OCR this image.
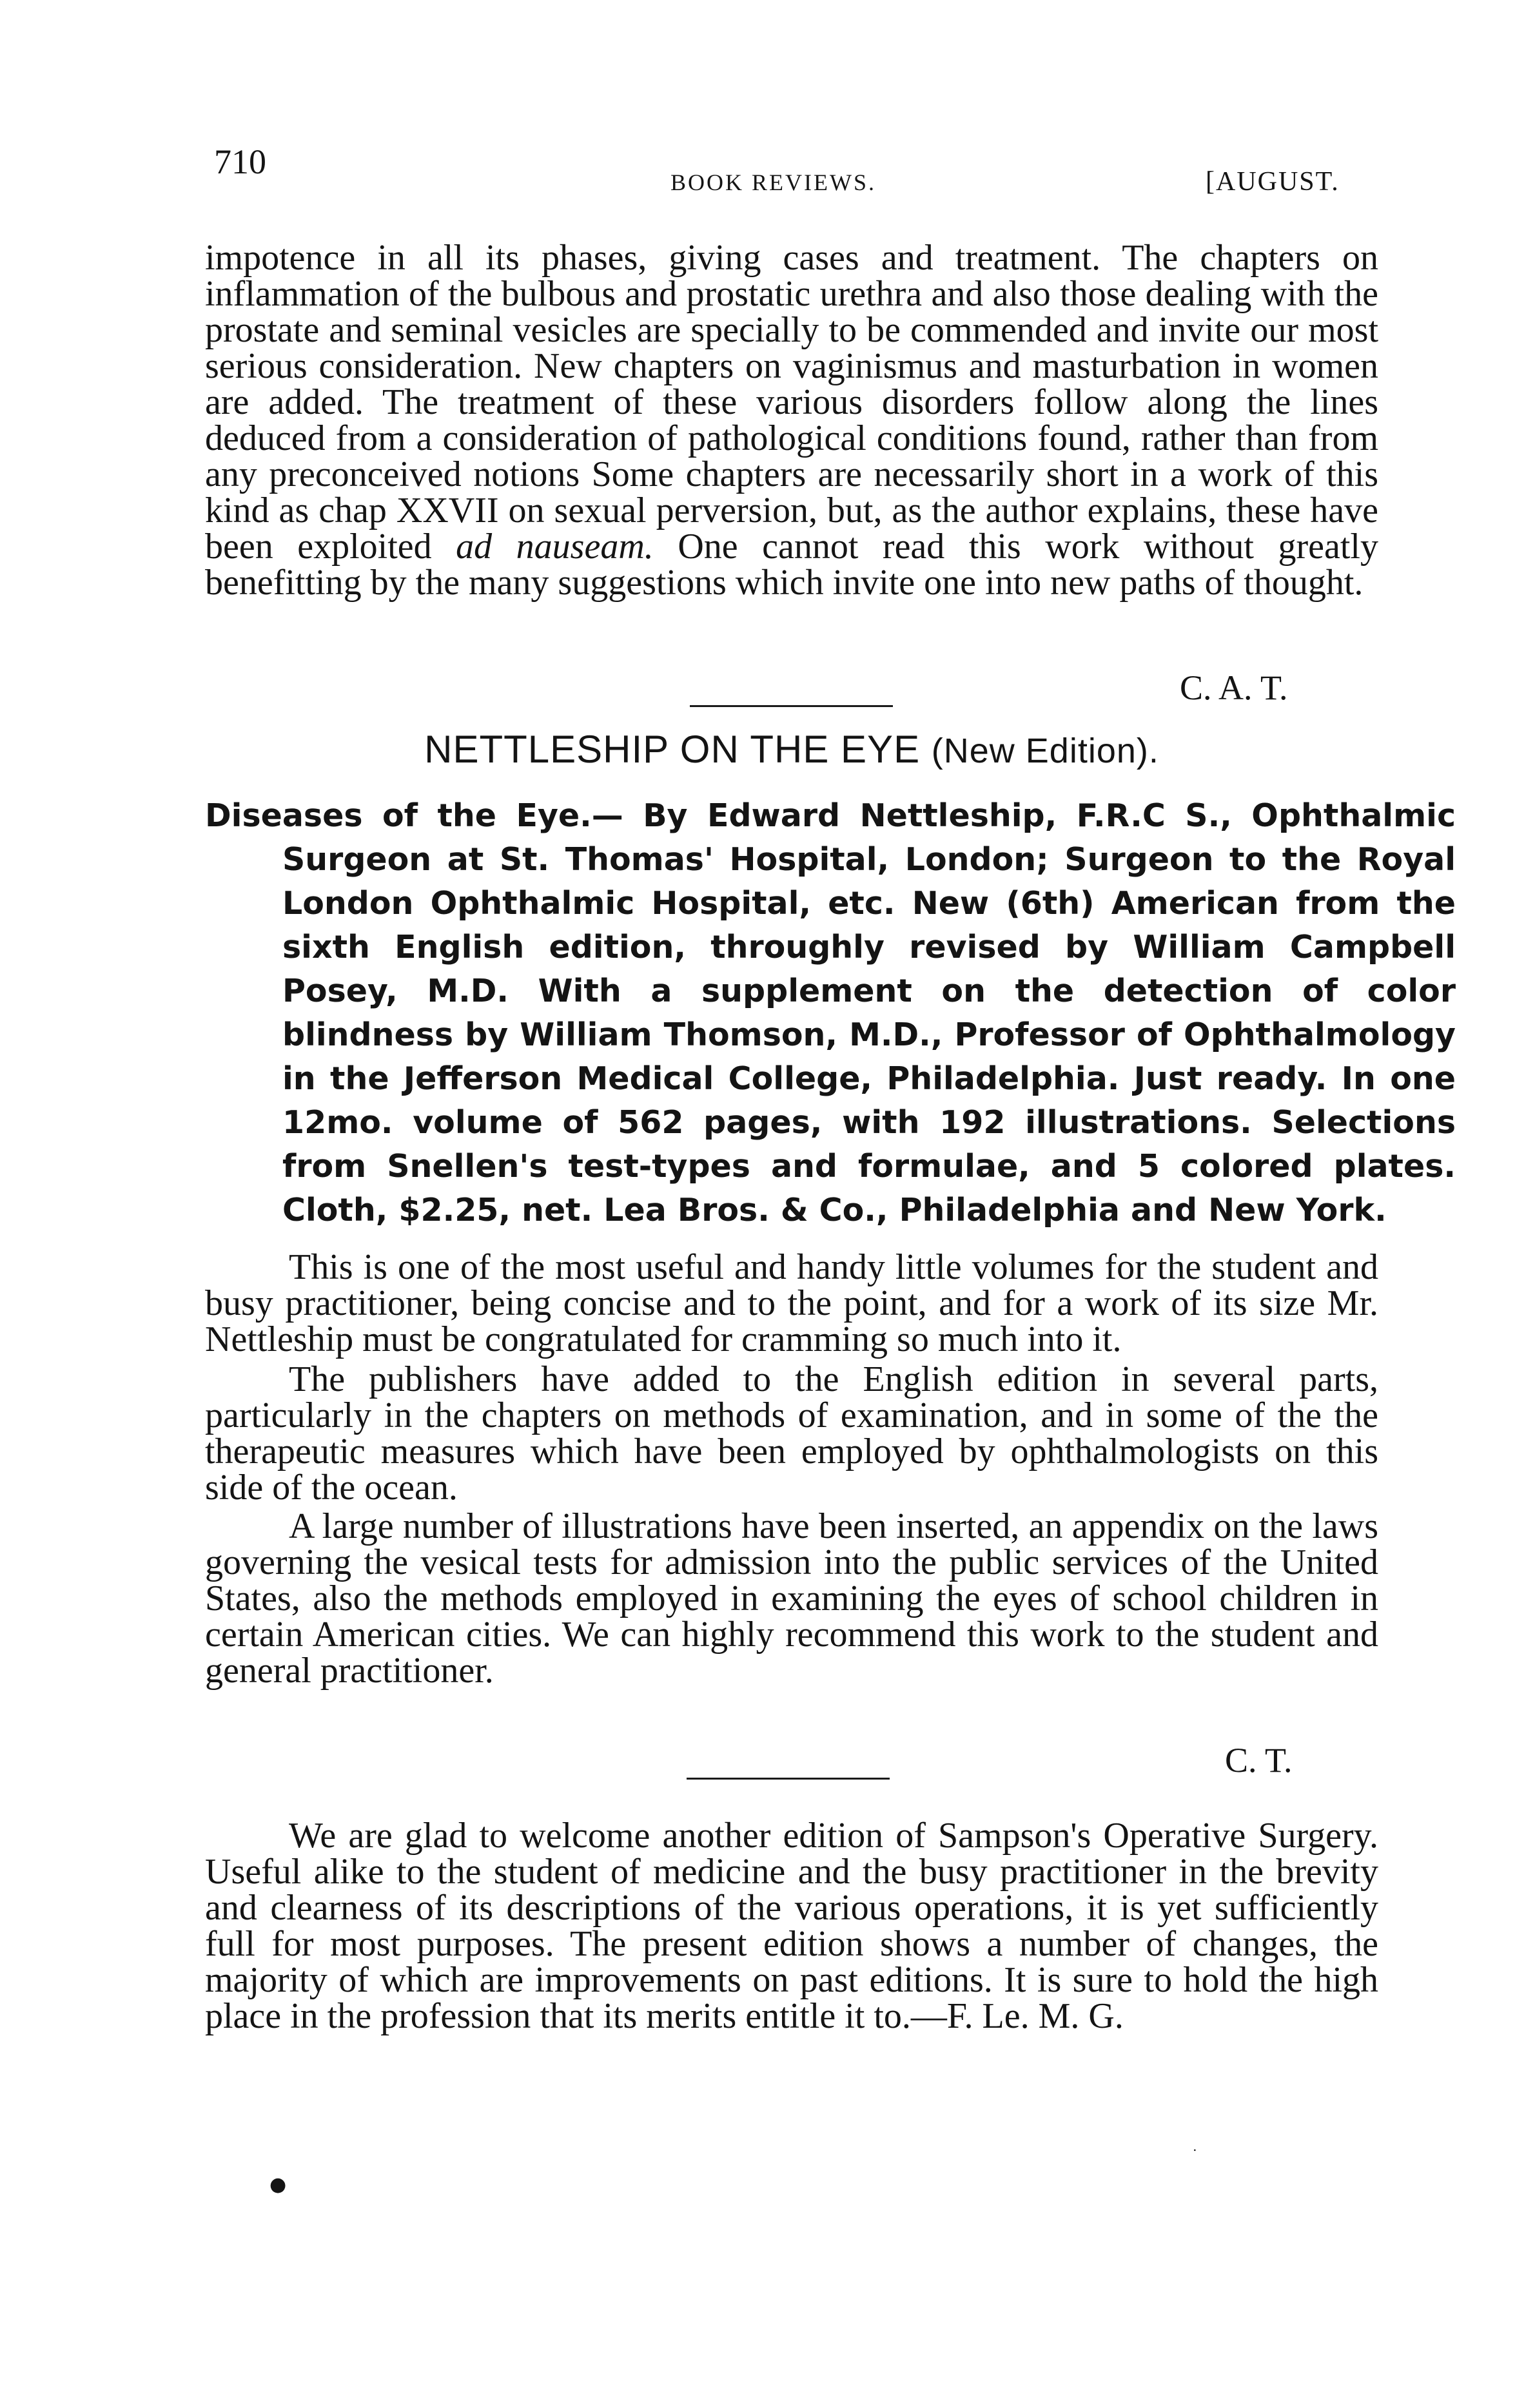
710
BOOK REVIEWS.	[AUGUST.

impotence in all its phases, giving cases and treatment. The chapters on inflammation of the bulbous and prostatic urethra and also those dealing with the prostate and seminal vesicles are specially to be commended and invite our most serious consideration. New chapters on vaginismus and masturbation in women are added. The treatment of these various disorders follow along the lines deduced from a consideration of pathological conditions found, rather than from any preconceived notions Some chapters are necessarily short in a work of this kind as chap XXVII on sexual perversion, but, as the author explains, these have been exploited ad nauseam. One cannot read this work without greatly benefitting by the many suggestions which invite one into new paths of thought.

C. A. T.
NETTLESHIP ON THE EYE (New Edition).
Diseases of the Eye.— By Edward Nettleship, F.R.C S., Ophthalmic Surgeon at St. Thomas' Hospital, London; Surgeon to the Royal London Ophthalmic Hospital, etc. New (6th) American from the sixth English edition, throughly revised by William Campbell Posey, M.D. With a supplement on the detection of color blindness by William Thomson, M.D., Professor of Ophthalmology in the Jefferson Medical College, Philadelphia. Just ready. In one 12mo. volume of 562 pages, with 192 illustrations. Selections from Snellen's test-types and formulae, and 5 colored plates. Cloth, $2.25, net. Lea Bros. & Co., Philadelphia and New York.

This is one of the most useful and handy little volumes for the student and busy practitioner, being concise and to the point, and for a work of its size Mr. Nettleship must be congratulated for cramming so much into it.

The publishers have added to the English edition in several parts, particularly in the chapters on methods of examination, and in some of the the therapeutic measures which have been employed by ophthalmologists on this side of the ocean.

A large number of illustrations have been inserted, an appendix on the laws governing the vesical tests for admission into the public services of the United States, also the methods employed in examining the eyes of school children in certain American cities. We can highly recommend this work to the student and general practitioner.

C. T.

We are glad to welcome another edition of Sampson's Operative Surgery. Useful alike to the student of medicine and the busy practitioner in the brevity and clearness of its descriptions of the various operations, it is yet sufficiently full for most purposes. The present edition shows a number of changes, the majority of which are improvements on past editions. It is sure to hold the high place in the profession that its merits entitle it to.—F. Le. M. G.

●
․
